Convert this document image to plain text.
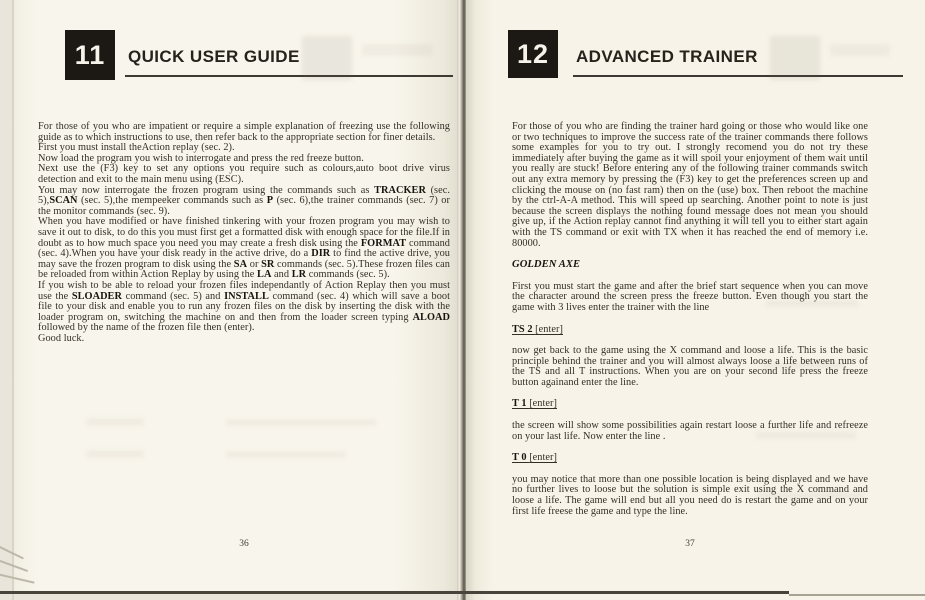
11	QUICK USER GUIDE
For those of you who are impatient or require a simple explanation of freezing use the following guide as to which instructions to use, then refer back to the appropriate section for finer details.
First you must install theAction replay (sec. 2).
Now load the program you wish to interrogate and press the red freeze button.
Next use the (F3) key to set any options you require such as colours,auto boot drive virus detection and exit to the main menu using (ESC).
You may now interrogate the frozen program using the commands such as TRACKER (sec. 5),SCAN (sec. 5),the mempeeker commands such as P (sec. 6),the trainer commands (sec. 7) or the monitor commands (sec. 9).
When you have modified or have finished tinkering with your frozen program you may wish to save it out to disk, to do this you must first get a formatted disk with enough space for the file.If in doubt as to how much space you need you may create a fresh disk using the FORMAT command (sec. 4).When you have your disk ready in the active drive, do a DIR to find the active drive, you may save the frozen program to disk using the SA or SR commands (sec. 5).These frozen files can be reloaded from within Action Replay by using the LA and LR commands (sec. 5).
If you wish to be able to reload your frozen files independantly of Action Replay then you must use the SLOADER command (sec. 5) and INSTALL command (sec. 4) which will save a boot file to your disk and enable you to run any frozen files on the disk by inserting the disk with the loader program on, switching the machine on and then from the loader screen typing ALOAD followed by the name of the frozen file then (enter).
Good luck.
36
12	ADVANCED TRAINER
For those of you who are finding the trainer hard going or those who would like one or two techniques to improve the success rate of the trainer commands there follows some examples for you to try out. I strongly recomend you do not try these immediately after buying the game as it will spoil your enjoyment of them wait until you really are stuck! Before entering any of the following trainer commands switch out any extra memory by pressing the (F3) key to get the preferences screen up and clicking the mouse on (no fast ram) then on the (use) box. Then reboot the machine by the ctrl-A-A method. This will speed up searching. Another point to note is just because the screen displays the nothing found message does not mean you should give up, if the Action replay cannot find anything it will tell you to either start again with the TS command or exit with TX when it has reached the end of memory i.e. 80000.
GOLDEN AXE
First you must start the game and after the brief start sequence when you can move the character around the screen press the freeze button. Even though you start the game with 3 lives enter the trainer with the line
TS 2 [enter]
now get back to the game using the X command and loose a life. This is the basic principle behind the trainer and you will almost always loose a life between runs of the TS and all T instructions. When you are on your second life press the freeze button againand enter the line.
T 1 [enter]
the screen will show some possibilities again restart loose a further life and refreeze on your last life. Now enter the line .
T 0 [enter]
you may notice that more than one possible location is being displayed and we have no further lives to loose but the solution is simple exit using the X command and loose a life. The game will end but all you need do is restart the game and on your first life freese the game and type the line.
37
